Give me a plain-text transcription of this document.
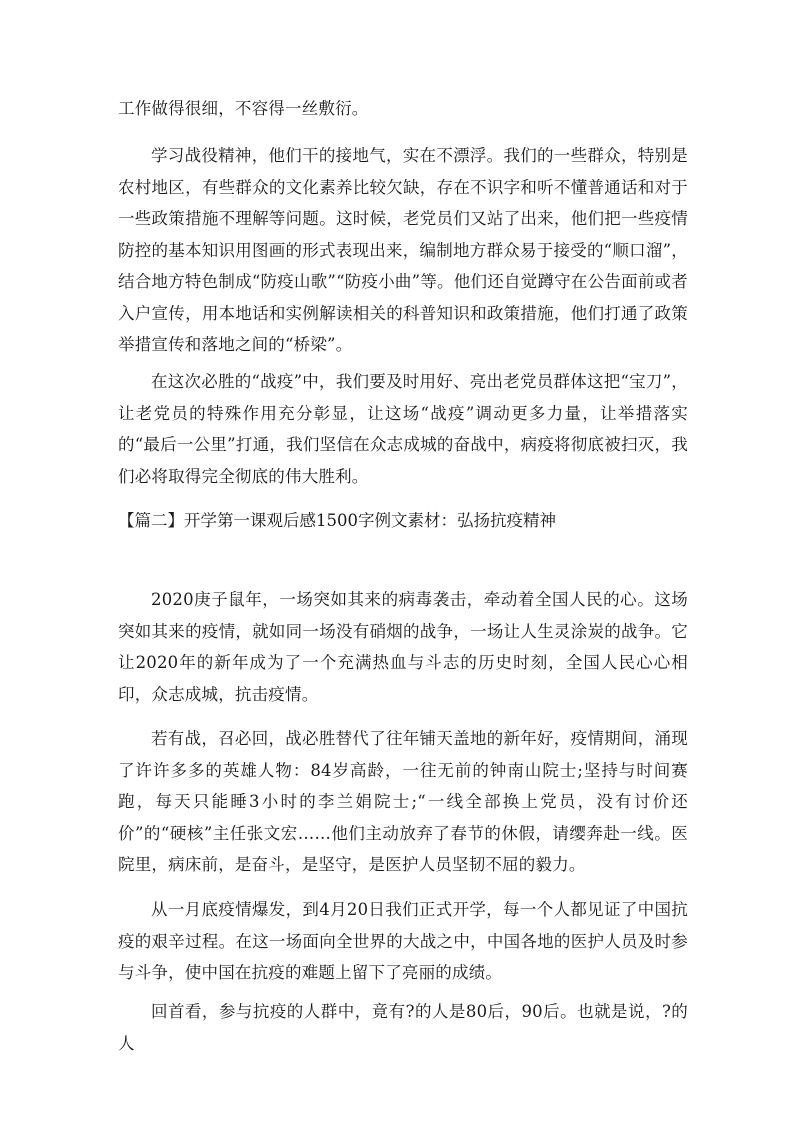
工作做得很细，不容得一丝敷衍。

学习战役精神，他们干的接地气，实在不漂浮。我们的一些群众，特别是农村地区，有些群众的文化素养比较欠缺，存在不识字和听不懂普通话和对于一些政策措施不理解等问题。这时候，老党员们又站了出来，他们把一些疫情防控的基本知识用图画的形式表现出来，编制地方群众易于接受的“顺口溜”，结合地方特色制成“防疫山歌”“防疫小曲”等。他们还自觉蹲守在公告面前或者入户宣传，用本地话和实例解读相关的科普知识和政策措施，他们打通了政策举措宣传和落地之间的“桥梁”。

在这次必胜的“战疫”中，我们要及时用好、亮出老党员群体这把“宝刀”，让老党员的特殊作用充分彰显，让这场“战疫”调动更多力量，让举措落实的“最后一公里”打通，我们坚信在众志成城的奋战中，病疫将彻底被扫灭，我们必将取得完全彻底的伟大胜利。

【篇二】开学第一课观后感1500字例文素材：弘扬抗疫精神

2020庚子鼠年，一场突如其来的病毒袭击，牵动着全国人民的心。这场突如其来的疫情，就如同一场没有硝烟的战争，一场让人生灵涂炭的战争。它让2020年的新年成为了一个充满热血与斗志的历史时刻，全国人民心心相印，众志成城，抗击疫情。

若有战，召必回，战必胜替代了往年铺天盖地的新年好，疫情期间，涌现了许许多多的英雄人物：84岁高龄，一往无前的钟南山院士;坚持与时间赛跑，每天只能睡3小时的李兰娟院士;“一线全部换上党员，没有讨价还价”的“硬核”主任张文宏……他们主动放弃了春节的休假，请缨奔赴一线。医院里，病床前，是奋斗，是坚守，是医护人员坚韧不屈的毅力。

从一月底疫情爆发，到4月20日我们正式开学，每一个人都见证了中国抗疫的艰辛过程。在这一场面向全世界的大战之中，中国各地的医护人员及时参与斗争，使中国在抗疫的难题上留下了亮丽的成绩。

回首看，参与抗疫的人群中，竟有?的人是80后，90后。也就是说，?的人
